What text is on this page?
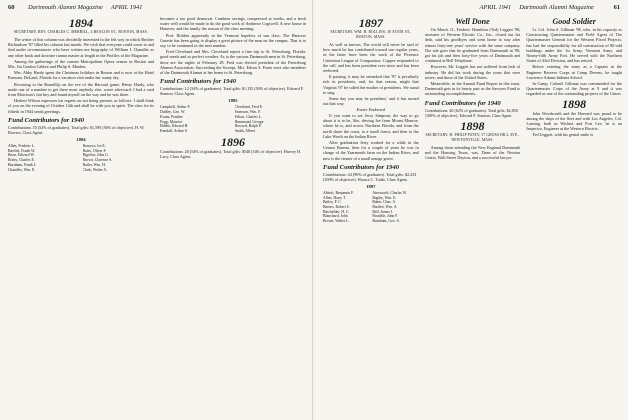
60	Dartmouth Alumni Magazine APRIL 1941
1894
SECRETARY, REV. CHARLES C. MERRILL, 4 BEACON ST., BOSTON, MASS.

The writer of this column was decidedly interested in the felt way in which Brother Richardson '87 filled his column last month. We wish that everyone could come to and find under circumstances who have written me biography of William I. Chandler as any other book and doctrine cannot master at length in the Profiles of the Magazine.

Among the gatherings of the current Metropolitan Opera season in Boston and Mrs. Jin Gordon Cabbot and Philip S. Marden.

Mrs. Abby Hardy spent the Christmas holidays in Boston and is now at the Hotel Pomona, DeLand, Florida for a vacation visit under her sunny sky.

Recurring to the RoundUp on the eve of the Harvard game, Henry Hardy, who made one of a number to get there most anybody else, wrote afterward: I had a card from Morrison's fair boy and found myself on the way and he was there.

Herbert Wilson expresses his regrets on not being present, as follows: I shall think of you on the evening of October 14th and shall be with you in spirit. The class for its fiftieth in 1944 sends greetings.

Fund Contributors for 1940

Contributions: 55 (54% of graduates). Total gifts: $1,590 (56% of objective). H. W. Bowers, Class Agent.

1894
Allen, Frederic L.	Barrows, Ira E.
Bartlett, Frank W.	Bates, Oliver F.
Bean, Edward W.	Bigelow, John G.
Bixby, Charles E.	Brown, Clarence S.
Burnham, Frank J.	Butler, Wm. H.
Chandler, Wm. E.	Clark, Walter A.

becomes a too good democrat. Combine savings, compressed at weeks, and a fresh water well would be made to do the good work of Ambrose Cogswell. A new house in Hanover, and the family the season of the class meeting.

Prof. Hobbes apparently in the Vermont hopeless of sun class. The Hanover Gazette has been going to display a great picture of the man on the campus. That is to say, to be continued in the next number.

Fred Cleveland and Mrs. Cleveland report a fine trip to St. Petersburg, Florida, good meals and so perfect weather. As to the various Dartmouth men in St. Petersburg, these are the nights of February 28. Fred was elected president of the Petersburg Alumni Association. Succeeding the Sweeps, Mrs. Edson S. Foote were also members of the Dartmouth Alumni at her home in St. Petersburg.

Fund Contributors for 1940

Contributions: 12 (34% of graduates). Total gifts: $1,155 (50% of objective). Edward F. Stanton, Class Agent.

1895
Campbell, Arthur F.	Cleveland, Fred E.
Dudley, Geo. W.	Emerson, Wm. F.
Evans, Pember	Felton, Charles L.
Fogg, Maurice	Hammond, George
Hobbs, Edward H.	Howard, Ralph P.
Kendall, Arthur S.	Smith, Albert
1896

Contributions: 20 (54% of graduates). Total gifts: $548 (54% of objective). Harvey H. Lucy, Class Agent.

APRIL 1941 Dartmouth Alumni Magazine	61
1897
SECRETARY, WM. H. ROLLINS, 30 STATE ST., BOSTON, MASS.

As well as known, The world will never be said of how much he has contributed toward our regular years, as the latter have been the work of the Florence Crittenton League of Compassion. Coppee responded to the call, and has been president ever since and has been reelected.

It passing, it may be remarked that '97 is peculiarly rich in presidents, and, for that reason, might that Virginia '97 be called the mother of presidents. We stand to sing.

Some day you may be president,' and it has turned out that way.

Exeter Endorsed

If you want to see Jerry Simpson, the way to go about it is to be, like, driving Joe from Mount Monroe, where he is, and across Northern Florida, and from the north shore the coast, to a small forest, and then to the Lake Worth on the Indian River.

After graduation Jerry worked for a while in the Census Bureau, then for a couple of years he was in charge of the Yaarmouth farm on the Indian River, and now is the farmer of a small orange grove.

Fund Contributors for 1940

Contributions: 44 (90% of graduates). Total gifts: $2,233 (100% of objective). Horace C. Tuttle, Class Agent.

1897
Abbott, Benjamin F.	Ainsworth, Charles W.
Allen, Harry T.	Bagley, Wm. E.
Bailey, F. C.	Baker, Chas. A.
Barnes, Robert S.	Bartlett, Wm. A.
Batchelder, H. C.	Bell, James J.
Blanchard, John	Boutelle, John F.
Brown, Walter L.	Burnham, Geo. S.
Well Done

On March 11, Frederic Hamilton (Ted) Leggett '98, treasurer of Western Electric Co., Inc., closed out his desk, said his goodbyes and went home to stay after almost forty-one years' service with the same company. The tale goes that he graduated from Dartmouth in '98, got his job and then forty-five years of Dartmouth and continued at Bell Telephone.

However, Mr. Leggett has not suffered from lack of industry. He did his work during the years that were active, and those of the United States.

Meanwhile, in the Annual Fund Report in this issue, Dartmouth gets in its hearty part as the Sawyers Fund to surrounding accomplishments.

Fund Contributors for 1940

Contributions: 40 (62% of graduates). Total gifts: $2,850 (100% of objective). Edward F. Stanton, Class Agent.

1898
SECRETARY, H. PHILIP PATEY, 57 GROSS HILL AVE., NEWTONVILLE, MASS.

Among those attending the New England Dartmouth and the Housing Texas, was, Dean of the Newton Center, Wall Street Dayton, and a successful lawyer.

Good Soldier

Lt. Col. John S. Gillman '98, who, in his capacity as Constructing Quartermaster and Field Agent of The Quartermaster General for the Western Fixed Projects, has had the responsibility for all construction of 80-odd buildings under the 1st Army, Vermont Army, and Ninety-fifth Army Fort. He served with the Northern States of 43rd Division, and has retired.

Before entering the army as a Captain in the Engineer Reserve Corps at Camp Devens, he taught Lawrence Adams Indiana School.

In Camp, Colonel Gillman was commended for the Quartermaster Corps of the Army at 9 and it was regarded as one of the outstanding projects of the Union.

1898

John Woodworth and the Harvard was proud to be among the ships of the fleet and with Los Angeles, Col. Lansing, both in Wichita and Fort Lee, he is an Inspector, Engineer at the Western Electric.

Ted Leggett, with his genial smile is
